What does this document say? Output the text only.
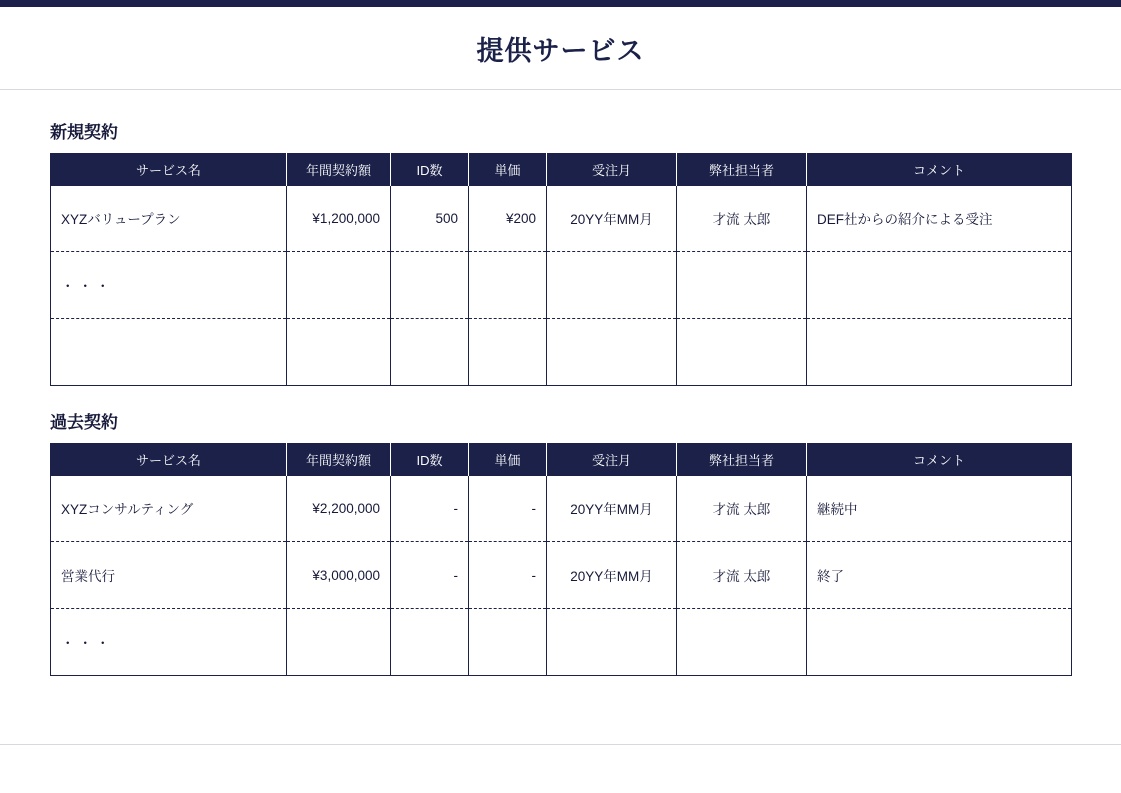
提供サービス
新規契約
サービス名	年間契約額	ID数	単価	受注月	弊社担当者	コメント
XYZバリュープラン	¥1,200,000	500	¥200	20YY年MM月	才流 太郎	DEF社からの紹介による受注
・・・						

過去契約
サービス名	年間契約額	ID数	単価	受注月	弊社担当者	コメント
XYZコンサルティング	¥2,200,000	-	-	20YY年MM月	才流 太郎	継続中
営業代行	¥3,000,000	-	-	20YY年MM月	才流 太郎	終了
・・・						
